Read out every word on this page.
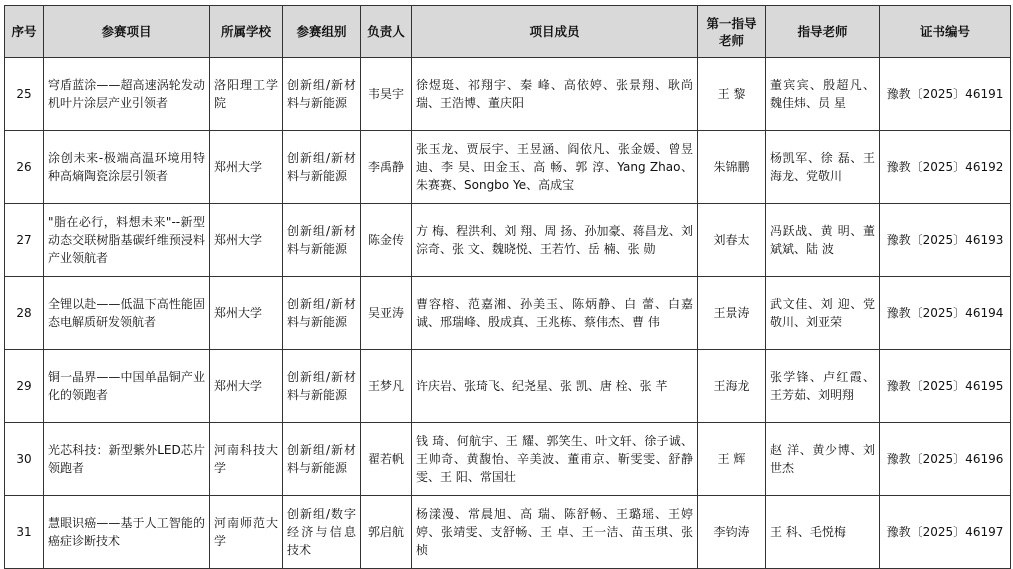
序号	参赛项目	所属学校	参赛组别	负责人	项目成员	第一指导老师	指导老师	证书编号
25	穹盾蓝涂——超高速涡轮发动机叶片涂层产业引领者	洛阳理工学院	创新组/新材料与新能源	韦昊宇	徐煜珽、祁翔宇、秦 峰、高依婷、张景翔、耿尚瑞、王浩博、董庆阳	王 黎	董宾宾、殷超凡、魏佳炜、员 星	豫教〔2025〕46191
26	涂创未来-极端高温环境用特种高熵陶瓷涂层引领者	郑州大学	创新组/新材料与新能源	李禹静	张玉龙、贾辰宇、王昱涵、阎依凡、张金媛、曾昱迪、李 昊、田金玉、高 畅、郭 淳、Yang Zhao、朱赛赛、Songbo Ye、高成宝	朱锦鹏	杨凯军、徐 磊、王海龙、党敬川	豫教〔2025〕46192
27	"脂在必行，料想未来"--新型动态交联树脂基碳纤维预浸料产业领航者	郑州大学	创新组/新材料与新能源	陈金传	方 梅、程洪利、刘 翔、周 扬、孙加豪、蒋昌龙、刘淙奇、张 文、魏晓悦、王若竹、岳 楠、张 勋	刘春太	冯跃战、黄 明、董斌斌、陆 波	豫教〔2025〕46193
28	全锂以赴——低温下高性能固态电解质研发领航者	郑州大学	创新组/新材料与新能源	吴亚涛	曹容榕、范嘉湘、孙美玉、陈炳静、白 蕾、白嘉诚、邢瑞峰、殷成真、王兆栋、蔡伟杰、曹 伟	王景涛	武文佳、刘 迎、党敬川、刘亚荣	豫教〔2025〕46194
29	铜一晶界——中国单晶铜产业化的领跑者	郑州大学	创新组/新材料与新能源	王梦凡	许庆岩、张琦飞、纪尧星、张 凯、唐 栓、张 芊	王海龙	张学锋、卢红霞、王芳茹、刘明翔	豫教〔2025〕46195
30	光芯科技：新型紫外LED芯片领跑者	河南科技大学	创新组/新材料与新能源	翟若帆	钱 琦、何航宇、王 耀、郭笑生、叶文轩、徐子诚、王帅奇、黄馥怡、辛美波、董甫京、靳雯雯、舒静雯、王 阳、常国壮	王 辉	赵 洋、黄少博、刘世杰	豫教〔2025〕46196
31	慧眼识癌——基于人工智能的癌症诊断技术	河南师范大学	创新组/数字经济与信息技术	郭启航	杨漾漫、常晨旭、高 瑞、陈舒畅、王璐瑶、王婷婷、张靖雯、支舒畅、王 卓、王一洁、苗玉琪、张 桢	李钧涛	王 科、毛悦梅	豫教〔2025〕46197
